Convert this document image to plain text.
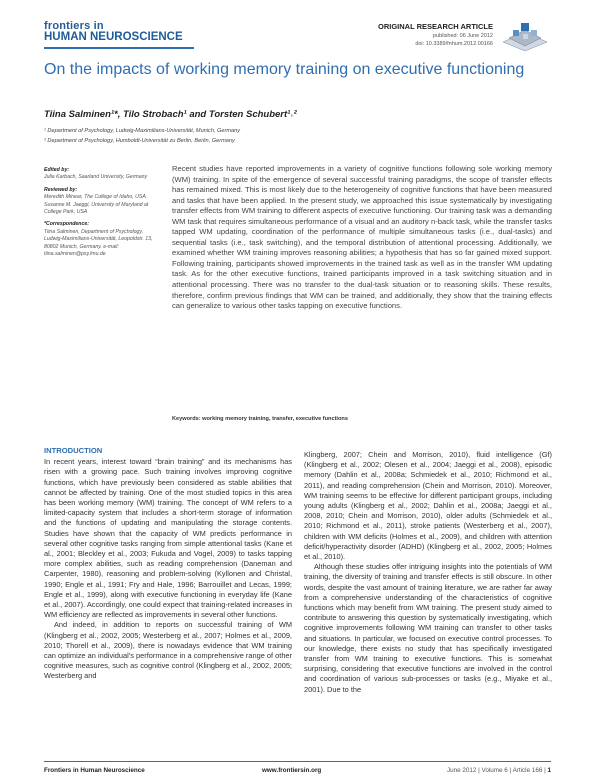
frontiers in
HUMAN NEUROSCIENCE
ORIGINAL RESEARCH ARTICLE
published: 06 June 2012
doi: 10.3389/fnhum.2012.00166
On the impacts of working memory training on executive functioning
Tiina Salminen¹*, Tilo Strobach¹ and Torsten Schubert¹˒²
¹ Department of Psychology, Ludwig-Maximilians-Universität, Munich, Germany
² Department of Psychology, Humboldt-Universität zu Berlin, Berlin, Germany
Edited by:
Julia Karbach, Saarland University, Germany
Reviewed by:
Meredith Minear, The College of Idaho, USA
Susanne M. Jaeggi, University of Maryland at College Park, USA
*Correspondence:
Tiina Salminen, Department of Psychology, Ludwig-Maximilians-Universität, Leopoldstr. 13, 80802 Munich, Germany. e-mail: tiina.salminen@psy.lmu.de
Recent studies have reported improvements in a variety of cognitive functions following sole working memory (WM) training. In spite of the emergence of several successful training paradigms, the scope of transfer effects has remained mixed. This is most likely due to the heterogeneity of cognitive functions that have been measured and tasks that have been applied. In the present study, we approached this issue systematically by investigating transfer effects from WM training to different aspects of executive functioning. Our training task was a demanding WM task that requires simultaneous performance of a visual and an auditory n-back task, while the transfer tasks tapped WM updating, coordination of the performance of multiple simultaneous tasks (i.e., dual-tasks) and sequential tasks (i.e., task switching), and the temporal distribution of attentional processing. Additionally, we examined whether WM training improves reasoning abilities; a hypothesis that has so far gained mixed support. Following training, participants showed improvements in the trained task as well as in the transfer WM updating task. As for the other executive functions, trained participants improved in a task switching situation and in attentional processing. There was no transfer to the dual-task situation or to reasoning skills. These results, therefore, confirm previous findings that WM can be trained, and additionally, they show that the training effects can generalize to various other tasks tapping on executive functions.
Keywords: working memory training, transfer, executive functions
INTRODUCTION

In recent years, interest toward “brain training” and its mechanisms has risen with a growing pace. Such training involves improving cognitive functions, which have previously been considered as stable abilities that cannot be affected by training. One of the most studied topics in this area has been working memory (WM) training. The concept of WM refers to a limited-capacity system that includes a short-term storage of information and the functions of updating and manipulating the storage contents. Studies have shown that the capacity of WM predicts performance in several other cognitive tasks ranging from simple attentional tasks (Kane et al., 2001; Bleckley et al., 2003; Fukuda and Vogel, 2009) to tasks tapping more complex abilities, such as reading comprehension (Daneman and Carpenter, 1980), reasoning and problem-solving (Kyllonen and Christal, 1990; Engle et al., 1991; Fry and Hale, 1996; Barrouillet and Lecas, 1999; Engle et al., 1999), along with executive functioning in everyday life (Kane et al., 2007). Accordingly, one could expect that training-related increases in WM efficiency are reflected as improvements in several other functions.

And indeed, in addition to reports on successful training of WM (Klingberg et al., 2002, 2005; Westerberg et al., 2007; Holmes et al., 2009, 2010; Thorell et al., 2009), there is nowadays evidence that WM training can optimize an individual’s performance in a comprehensive range of other cognitive measures, such as cognitive control (Klingberg et al., 2002, 2005; Westerberg and

Klingberg, 2007; Chein and Morrison, 2010), fluid intelligence (Gf) (Klingberg et al., 2002; Olesen et al., 2004; Jaeggi et al., 2008), episodic memory (Dahlin et al., 2008a; Schmiedek et al., 2010; Richmond et al., 2011), and reading comprehension (Chein and Morrison, 2010). Moreover, WM training seems to be effective for different participant groups, including young adults (Klingberg et al., 2002; Dahlin et al., 2008a; Jaeggi et al., 2008, 2010; Chein and Morrison, 2010), older adults (Schmiedek et al., 2010; Richmond et al., 2011), stroke patients (Westerberg et al., 2007), children with WM deficits (Holmes et al., 2009), and children with attention deficit/hyperactivity disorder (ADHD) (Klingberg et al., 2002, 2005; Holmes et al., 2010).

Although these studies offer intriguing insights into the potentials of WM training, the diversity of training and transfer effects is still obscure. In other words, despite the vast amount of training literature, we are rather far away from a comprehensive understanding of the characteristics of cognitive functions which may benefit from WM training. The present study aimed to contribute to answering this question by systematically investigating, which cognitive improvements following WM training can transfer to other tasks and situations. In particular, we focused on executive control processes. To our knowledge, there exists no study that has specifically investigated transfer from WM training to executive functions. This is somewhat surprising, considering that executive functions are involved in the control and coordination of various sub-processes or tasks (e.g., Miyake et al., 2001). Due to the

Frontiers in Human Neuroscience	www.frontiersin.org	June 2012 | Volume 6 | Article 166 | 1
